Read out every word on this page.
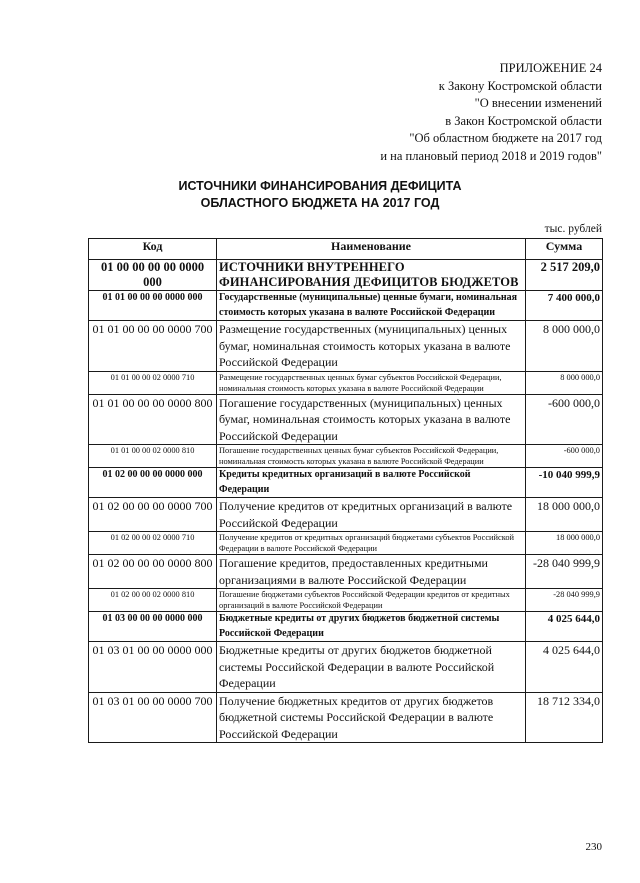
ПРИЛОЖЕНИЕ 24
к Закону Костромской области
"О внесении изменений
в Закон Костромской области
"Об областном бюджете на 2017 год
и на плановый период 2018 и 2019 годов"
ИСТОЧНИКИ ФИНАНСИРОВАНИЯ ДЕФИЦИТА
ОБЛАСТНОГО БЮДЖЕТА НА 2017 ГОД
тыс. рублей
Код	Наименование	Сумма
01 00 00 00 00 0000 000	ИСТОЧНИКИ ВНУТРЕННЕГО ФИНАНСИРОВАНИЯ ДЕФИЦИТОВ БЮДЖЕТОВ	2 517 209,0
01 01 00 00 00 0000 000	Государственные (муниципальные) ценные бумаги, номинальная стоимость которых указана в валюте Российской Федерации	7 400 000,0
01 01 00 00 00 0000 700	Размещение государственных (муниципальных) ценных бумаг, номинальная стоимость которых указана в валюте Российской Федерации	8 000 000,0
01 01 00 00 02 0000 710	Размещение государственных ценных бумаг субъектов Российской Федерации, номинальная стоимость которых указана в валюте Российской Федерации	8 000 000,0
01 01 00 00 00 0000 800	Погашение государственных (муниципальных) ценных бумаг, номинальная стоимость которых указана в валюте Российской Федерации	-600 000,0
01 01 00 00 02 0000 810	Погашение государственных ценных бумаг субъектов Российской Федерации, номинальная стоимость которых указана в валюте Российской Федерации	-600 000,0
01 02 00 00 00 0000 000	Кредиты кредитных организаций в валюте Российской Федерации	-10 040 999,9
01 02 00 00 00 0000 700	Получение кредитов от кредитных организаций в валюте Российской Федерации	18 000 000,0
01 02 00 00 02 0000 710	Получение кредитов от кредитных организаций бюджетами субъектов Российской Федерации в валюте Российской Федерации	18 000 000,0
01 02 00 00 00 0000 800	Погашение кредитов, предоставленных кредитными организациями в валюте Российской Федерации	-28 040 999,9
01 02 00 00 02 0000 810	Погашение бюджетами субъектов Российской Федерации кредитов от кредитных организаций в валюте Российской Федерации	-28 040 999,9
01 03 00 00 00 0000 000	Бюджетные кредиты от других бюджетов бюджетной системы Российской Федерации	4 025 644,0
01 03 01 00 00 0000 000	Бюджетные кредиты от других бюджетов бюджетной системы Российской Федерации в валюте Российской Федерации	4 025 644,0
01 03 01 00 00 0000 700	Получение бюджетных кредитов от других бюджетов бюджетной системы Российской Федерации в валюте Российской Федерации	18 712 334,0
230
